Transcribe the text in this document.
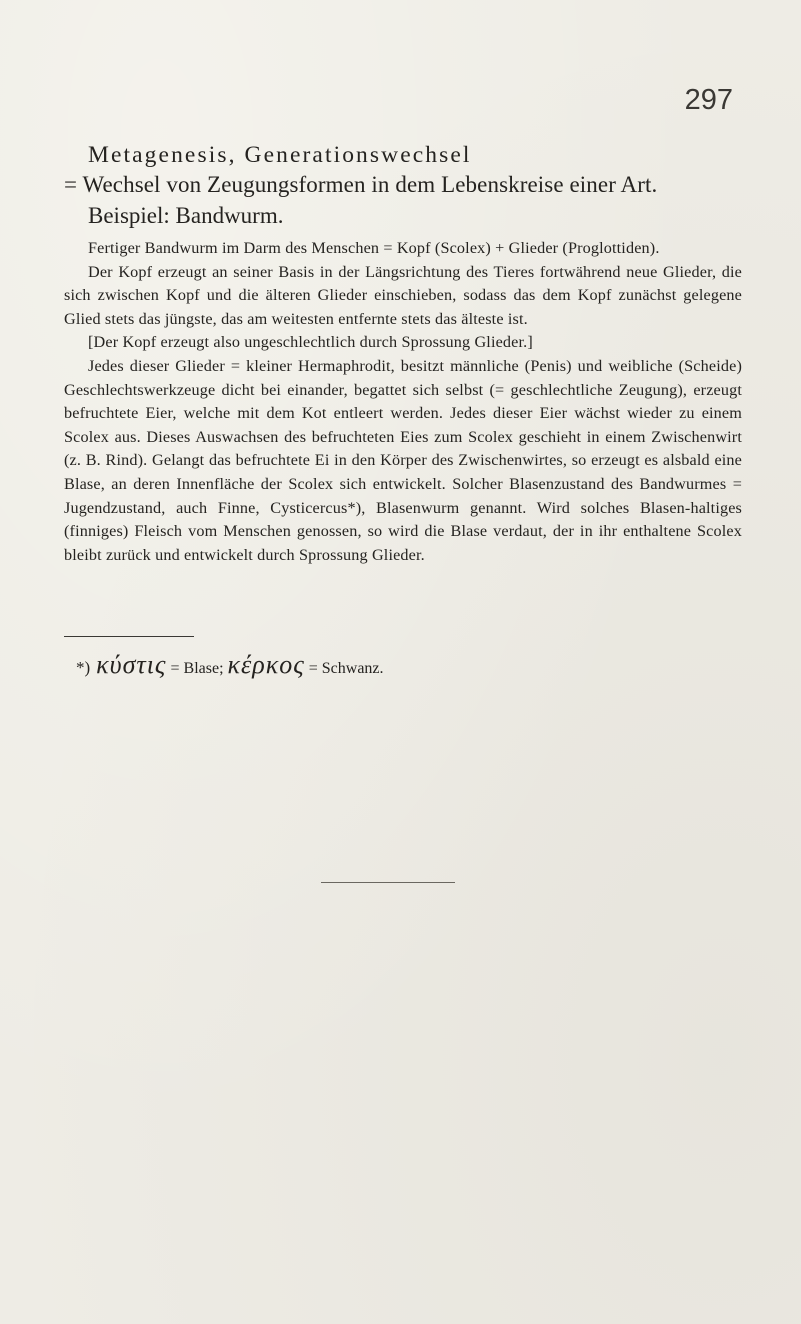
297
Metagenesis, Generationswechsel
= Wechsel von Zeugungsformen in dem Lebenskreise einer Art.
Beispiel: Bandwurm.

Fertiger Bandwurm im Darm des Menschen = Kopf (Scolex) + Glieder (Proglottiden).

Der Kopf erzeugt an seiner Basis in der Längsrichtung des Tieres fortwährend neue Glieder, die sich zwischen Kopf und die älteren Glieder einschieben, sodass das dem Kopf zunächst gelegene Glied stets das jüngste, das am weitesten entfernte stets das älteste ist.

[Der Kopf erzeugt also ungeschlechtlich durch Sprossung Glieder.]

Jedes dieser Glieder = kleiner Hermaphrodit, besitzt männliche (Penis) und weibliche (Scheide) Geschlechtswerkzeuge dicht bei einander, begattet sich selbst (= geschlechtliche Zeugung), erzeugt befruchtete Eier, welche mit dem Kot entleert werden. Jedes dieser Eier wächst wieder zu einem Scolex aus. Dieses Auswachsen des befruchteten Eies zum Scolex geschieht in einem Zwischenwirt (z. B. Rind). Gelangt das befruchtete Ei in den Körper des Zwischenwirtes, so erzeugt es alsbald eine Blase, an deren Innenfläche der Scolex sich entwickelt. Solcher Blasenzustand des Bandwurmes = Jugendzustand, auch Finne, Cysticercus*), Blasenwurm genannt. Wird solches Blasen-haltiges (finniges) Fleisch vom Menschen genossen, so wird die Blase verdaut, der in ihr enthaltene Scolex bleibt zurück und entwickelt durch Sprossung Glieder.

*) κύστις = Blase; κέρκος = Schwanz.
